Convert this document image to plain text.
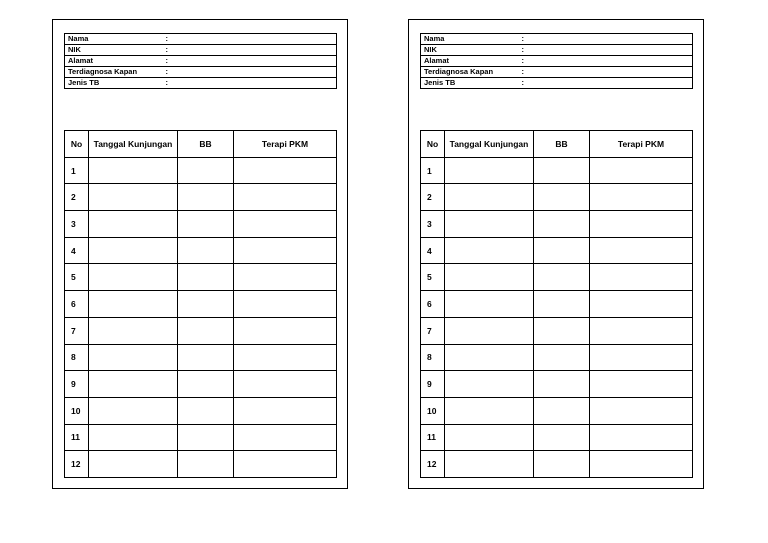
Nama	:	
NIK	:	
Alamat	:	
Terdiagnosa Kapan	:	
Jenis TB	:	
No	Tanggal Kunjungan	BB	Terapi PKM
1			
2			
3			
4			
5			
6			
7			
8			
9			
10			
11			
12			
Nama	:	
NIK	:	
Alamat	:	
Terdiagnosa Kapan	:	
Jenis TB	:	
No	Tanggal Kunjungan	BB	Terapi PKM
1			
2			
3			
4			
5			
6			
7			
8			
9			
10			
11			
12			
